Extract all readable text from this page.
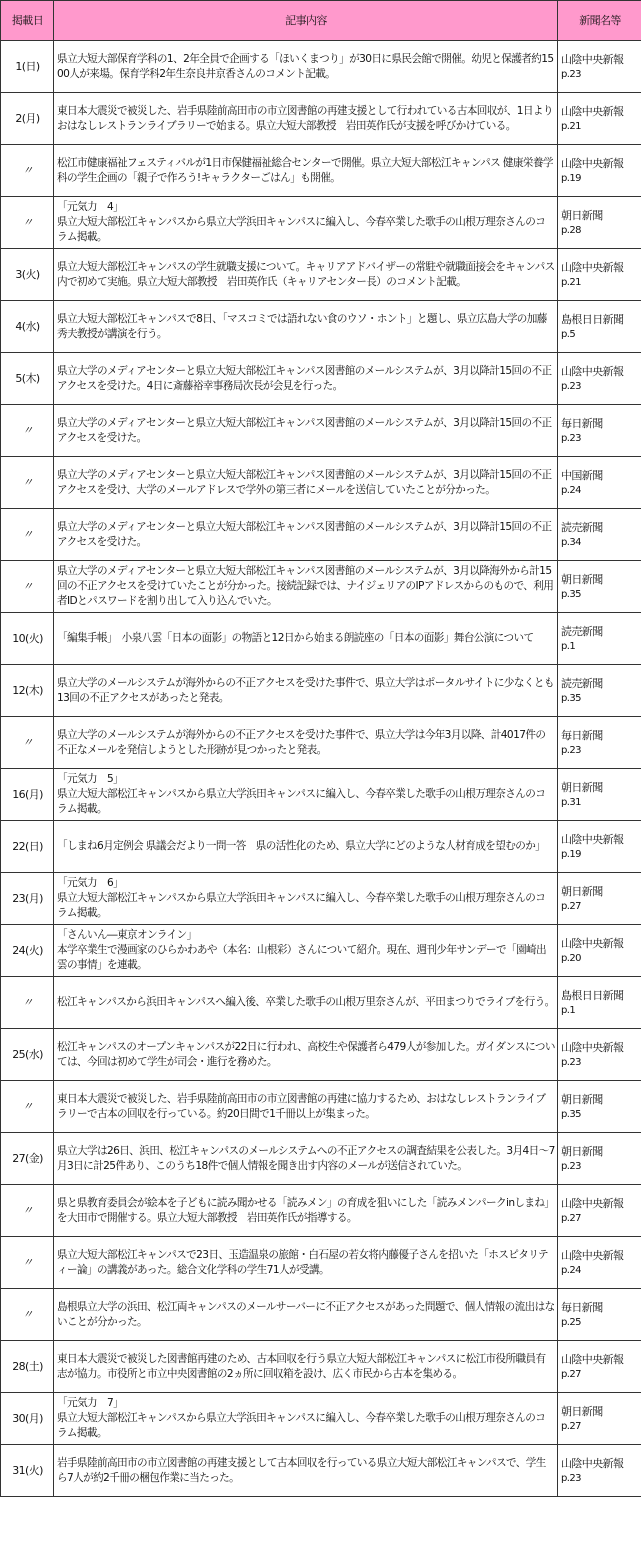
掲載日	記事内容	新聞名等
1(日)	県立大短大部保育学科の1、2年全員で企画する「ほいくまつり」が30日に県民会館で開催。幼児と保護者約1500人が来場。保育学科2年生奈良井京香さんのコメント記載。	山陰中央新報
p.23

2(月)	東日本大震災で被災した、岩手県陸前高田市の市立図書館の再建支援として行われている古本回収が、1日よりおはなしレストランライブラリーで始まる。県立大短大部教授　岩田英作氏が支援を呼びかけている。	山陰中央新報
p.21

〃	松江市健康福祉フェスティバルが1日市保健福祉総合センターで開催。県立大短大部松江キャンパス 健康栄養学科の学生企画の「親子で作ろう!キャラクターごはん」も開催。	山陰中央新報
p.19

〃	「元気力　4」
県立大短大部松江キャンパスから県立大学浜田キャンパスに編入し、今春卒業した歌手の山根万理奈さんのコラム掲載。	朝日新聞
p.28

3(火)	県立大短大部松江キャンパスの学生就職支援について。キャリアアドバイザーの常駐や就職面接会をキャンパス内で初めて実施。県立大短大部教授　岩田英作氏（キャリアセンター長）のコメント記載。	山陰中央新報
p.21

4(水)	県立大短大部松江キャンパスで8日、「マスコミでは語れない食のウソ・ホント」と題し、県立広島大学の加藤秀夫教授が講演を行う。	島根日日新聞
p.5

5(木)	県立大学のメディアセンターと県立大短大部松江キャンパス図書館のメールシステムが、3月以降計15回の不正アクセスを受けた。4日に斎藤裕幸事務局次長が会見を行った。	山陰中央新報
p.23

〃	県立大学のメディアセンターと県立大短大部松江キャンパス図書館のメールシステムが、3月以降計15回の不正アクセスを受けた。	毎日新聞
p.23

〃	県立大学のメディアセンターと県立大短大部松江キャンパス図書館のメールシステムが、3月以降計15回の不正アクセスを受け、大学のメールアドレスで学外の第三者にメールを送信していたことが分かった。	中国新聞
p.24

〃	県立大学のメディアセンターと県立大短大部松江キャンパス図書館のメールシステムが、3月以降計15回の不正アクセスを受けた。	読売新聞
p.34

〃	県立大学のメディアセンターと県立大短大部松江キャンパス図書館のメールシステムが、3月以降海外から計15回の不正アクセスを受けていたことが分かった。接続記録では、ナイジェリアのIPアドレスからのもので、利用者IDとパスワードを割り出して入り込んでいた。	朝日新聞
p.35

10(火)	「編集手帳」　小泉八雲「日本の面影」の物語と12日から始まる朗読座の「日本の面影」舞台公演について	読売新聞
p.1

12(木)	県立大学のメールシステムが海外からの不正アクセスを受けた事件で、県立大学はポータルサイトに少なくとも13回の不正アクセスがあったと発表。	読売新聞
p.35

〃	県立大学のメールシステムが海外からの不正アクセスを受けた事件で、県立大学は今年3月以降、計4017件の不正なメールを発信しようとした形跡が見つかったと発表。	毎日新聞
p.23

16(月)	「元気力　5」
県立大短大部松江キャンパスから県立大学浜田キャンパスに編入し、今春卒業した歌手の山根万理奈さんのコラム掲載。	朝日新聞
p.31

22(日)	「しまね6月定例会 県議会だより一問一答　県の活性化のため、県立大学にどのような人材育成を望むのか」	山陰中央新報
p.19

23(月)	「元気力　6」
県立大短大部松江キャンパスから県立大学浜田キャンパスに編入し、今春卒業した歌手の山根万理奈さんのコラム掲載。	朝日新聞
p.27

24(火)	「さんいん―東京オンライン」
本学卒業生で漫画家のひらかわあや（本名：山根彩）さんについて紹介。現在、週刊少年サンデーで「園崎出雲の事情」を連載。	山陰中央新報
p.20

〃	松江キャンパスから浜田キャンパスへ編入後、卒業した歌手の山根万里奈さんが、平田まつりでライブを行う。	島根日日新聞
p.1

25(水)	松江キャンパスのオープンキャンパスが22日に行われ、高校生や保護者ら479人が参加した。ガイダンスについては、今回は初めて学生が司会・進行を務めた。	山陰中央新報
p.23

〃	東日本大震災で被災した、岩手県陸前高田市の市立図書館の再建に協力するため、おはなしレストランライブラリーで古本の回収を行っている。約20日間で1千冊以上が集まった。	朝日新聞
p.35

27(金)	県立大学は26日、浜田、松江キャンパスのメールシステムへの不正アクセスの調査結果を公表した。3月4日～7月3日に計25件あり、このうち18件で個人情報を聞き出す内容のメールが送信されていた。	朝日新聞
p.23

〃	県と県教育委員会が絵本を子どもに読み聞かせる「読みメン」の育成を狙いにした「読みメンパークinしまね」を大田市で開催する。県立大短大部教授　岩田英作氏が指導する。	山陰中央新報
p.27

〃	県立大短大部松江キャンパスで23日、玉造温泉の旅館・白石屋の若女将内藤優子さんを招いた「ホスピタリティー論」の講義があった。総合文化学科の学生71人が受講。	山陰中央新報
p.24

〃	島根県立大学の浜田、松江両キャンパスのメールサーバーに不正アクセスがあった問題で、個人情報の流出はないことが分かった。	毎日新聞
p.25

28(土)	東日本大震災で被災した図書館再建のため、古本回収を行う県立大短大部松江キャンパスに松江市役所職員有志が協力。市役所と市立中央図書館の2ヵ所に回収箱を設け、広く市民から古本を集める。	山陰中央新報
p.27

30(月)	「元気力　7」
県立大短大部松江キャンパスから県立大学浜田キャンパスに編入し、今春卒業した歌手の山根万理奈さんのコラム掲載。	朝日新聞
p.27

31(火)	岩手県陸前高田市の市立図書館の再建支援として古本回収を行っている県立大短大部松江キャンパスで、学生ら7人が約2千冊の梱包作業に当たった。	山陰中央新報
p.23
